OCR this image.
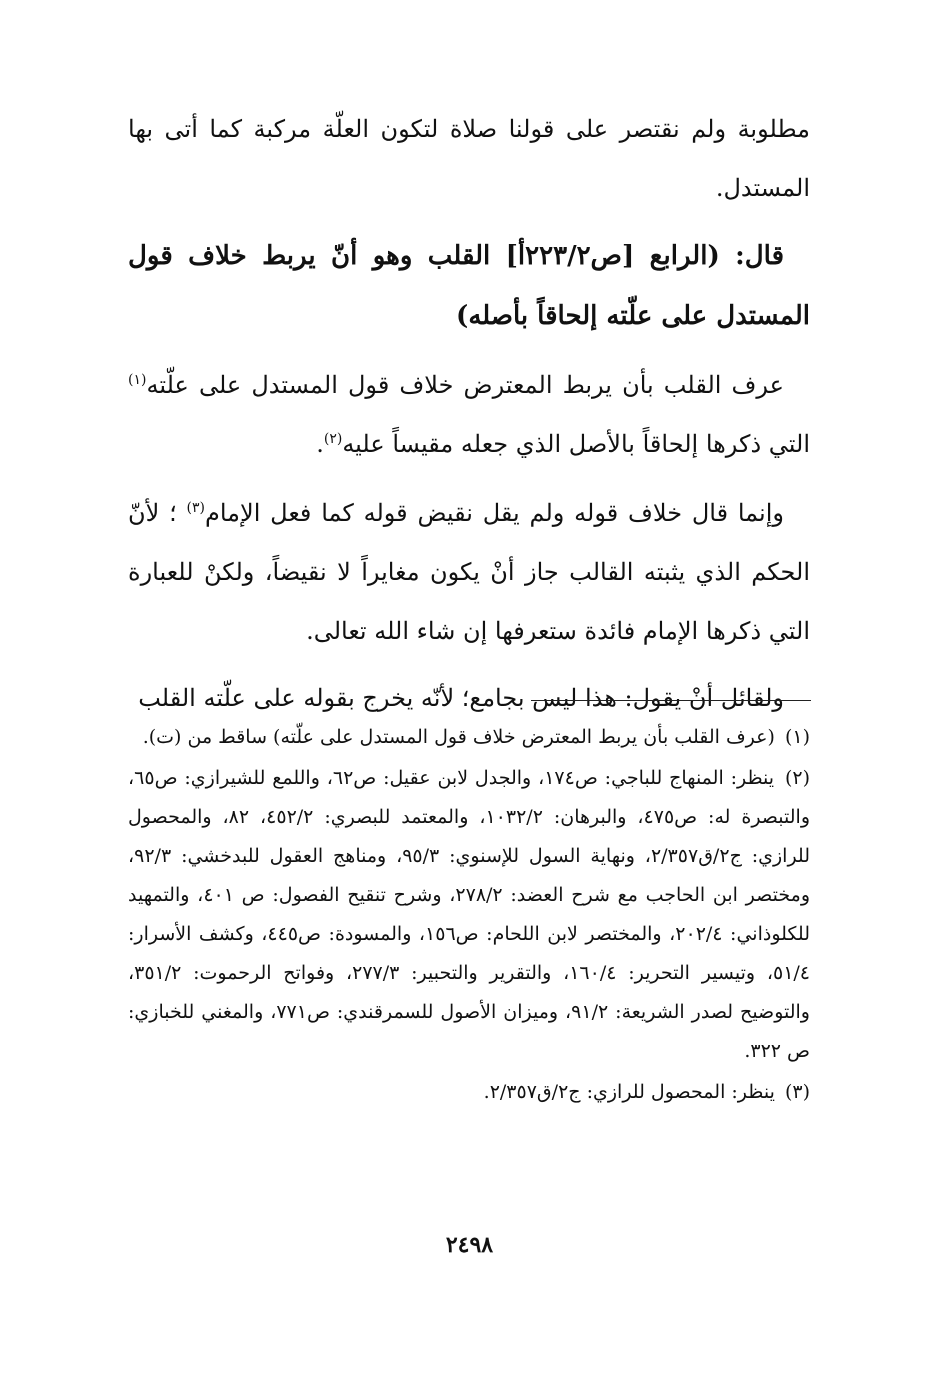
مطلوبة ولم نقتصر على قولنا صلاة لتكون العلّة مركبة كما أتى بها المستدل.

قال: (الرابع [ص٢٢٣/٢أ] القلب وهو أنّ يربط خلاف قول المستدل على علّته إلحاقاً بأصله)

عرف القلب بأن يربط المعترض خلاف قول المستدل على علّته$^{(١)}$ التي ذكرها إلحاقاً بالأصل الذي جعله مقيساً عليه$^{(٢)}$.

وإنما قال خلاف قوله ولم يقل نقيض قوله كما فعل الإمام$^{(٣)}$ ؛ لأنّ الحكم الذي يثبته القالب جاز أنْ يكون مغايراً لا نقيضاً، ولكنْ للعبارة التي ذكرها الإمام فائدة ستعرفها إن شاء الله تعالى.

ولقائل أنْ يقول: هذا ليس بجامع؛ لأنّه يخرج بقوله على علّته القلب

(١) (عرف القلب بأن يربط المعترض خلاف قول المستدل على علّته) ساقط من (ت).

(٢) ينظر: المنهاج للباجي: ص١٧٤، والجدل لابن عقيل: ص٦٢، واللمع للشيرازي: ص٦٥، والتبصرة له: ص٤٧٥، والبرهان: ١٠٣٢/٢، والمعتمد للبصري: ٤٥٢/٢، ٨٢، والمحصول للرازي: ج٢/ق٢/٣٥٧، ونهاية السول للإسنوي: ٩٥/٣، ومناهج العقول للبدخشي: ٩٢/٣، ومختصر ابن الحاجب مع شرح العضد: ٢٧٨/٢، وشرح تنقيح الفصول: ص ٤٠١، والتمهيد للكلوذاني: ٢٠٢/٤، والمختصر لابن اللحام: ص١٥٦، والمسودة: ص٤٤٥، وكشف الأسرار: ٥١/٤، وتيسير التحرير: ١٦٠/٤، والتقرير والتحبير: ٢٧٧/٣، وفواتح الرحموت: ٣٥١/٢، والتوضيح لصدر الشريعة: ٩١/٢، وميزان الأصول للسمرقندي: ص٧٧١، والمغني للخبازي: ص ٣٢٢.

(٣) ينظر: المحصول للرازي: ج٢/ق٢/٣٥٧.

٢٤٩٨
